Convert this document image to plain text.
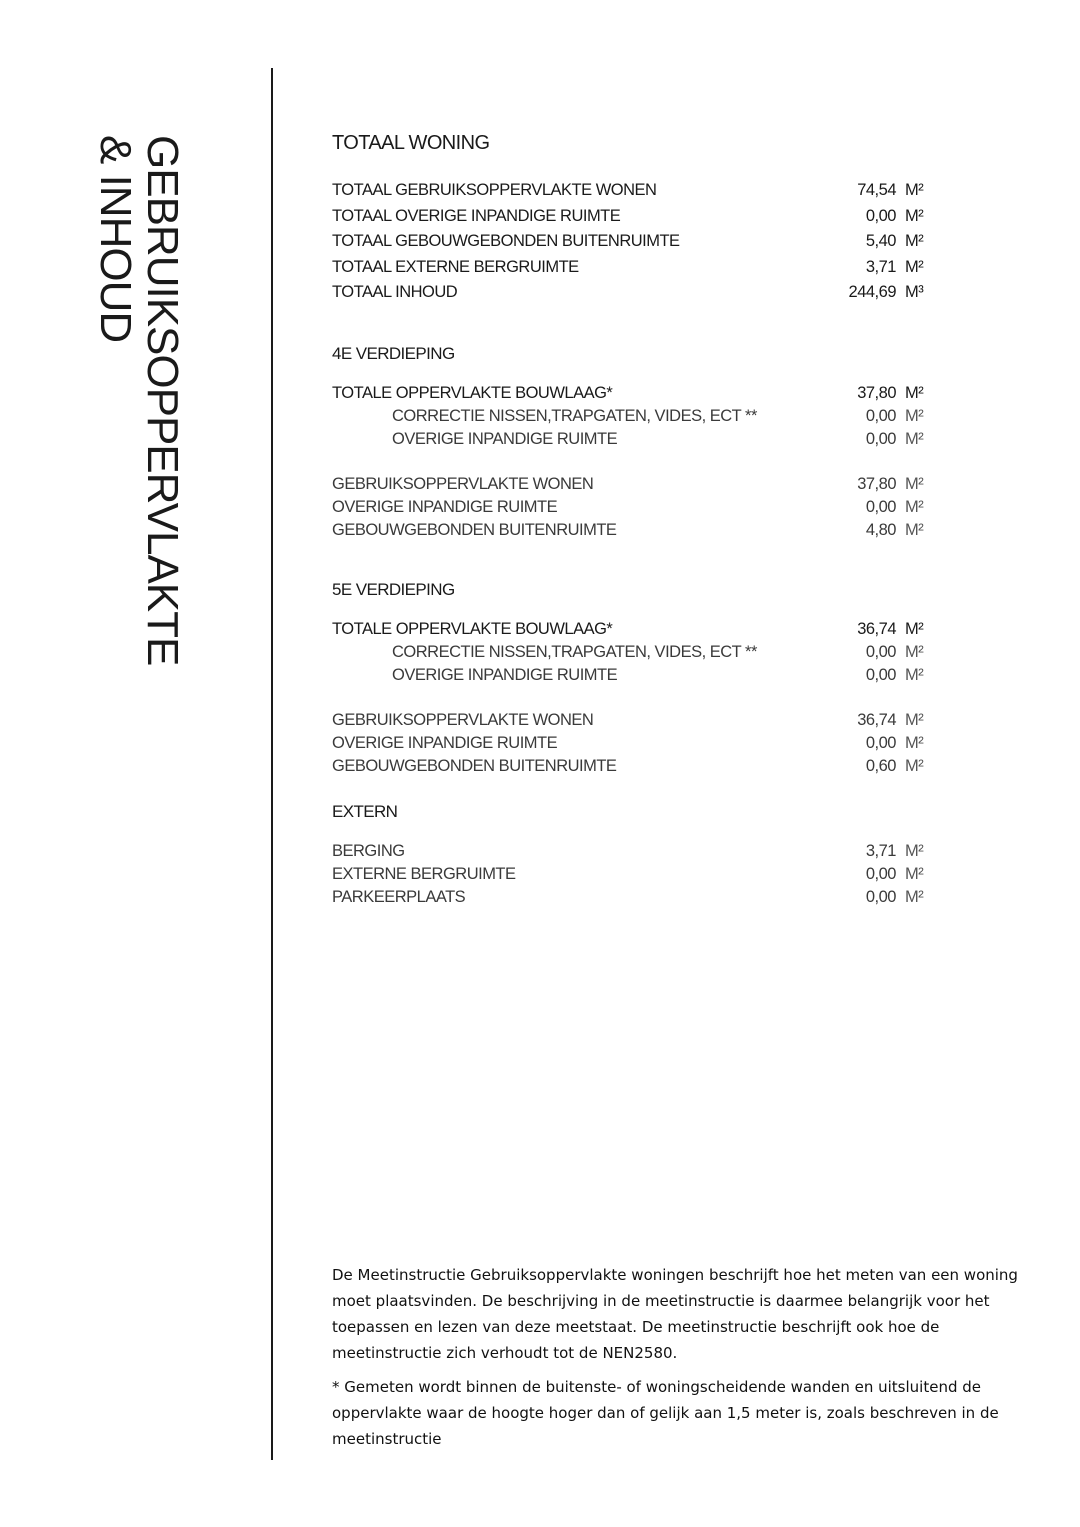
GEBRUIKSOPPERVLAKTE
& INHOUD
TOTAAL WONING
TOTAAL GEBRUIKSOPPERVLAKTE WONEN	74,54 M²
TOTAAL OVERIGE INPANDIGE RUIMTE	0,00 M²
TOTAAL GEBOUWGEBONDEN BUITENRUIMTE	5,40 M²
TOTAAL EXTERNE BERGRUIMTE	3,71 M²
TOTAAL INHOUD	244,69 M³
4E VERDIEPING
TOTALE OPPERVLAKTE BOUWLAAG*	37,80 M²
CORRECTIE NISSEN,TRAPGATEN, VIDES, ECT **	0,00 M²
OVERIGE INPANDIGE RUIMTE	0,00 M²
GEBRUIKSOPPERVLAKTE WONEN	37,80 M²
OVERIGE INPANDIGE RUIMTE	0,00 M²
GEBOUWGEBONDEN BUITENRUIMTE	4,80 M²
5E VERDIEPING
TOTALE OPPERVLAKTE BOUWLAAG*	36,74 M²
CORRECTIE NISSEN,TRAPGATEN, VIDES, ECT **	0,00 M²
OVERIGE INPANDIGE RUIMTE	0,00 M²
GEBRUIKSOPPERVLAKTE WONEN	36,74 M²
OVERIGE INPANDIGE RUIMTE	0,00 M²
GEBOUWGEBONDEN BUITENRUIMTE	0,60 M²
EXTERN
BERGING	3,71 M²
EXTERNE BERGRUIMTE	0,00 M²
PARKEERPLAATS	0,00 M²

De Meetinstructie Gebruiksoppervlakte woningen beschrijft hoe het meten van een woning moet plaatsvinden. De beschrijving in de meetinstructie is daarmee belangrijk voor het toepassen en lezen van deze meetstaat. De meetinstructie beschrijft ook hoe de meetinstructie zich verhoudt tot de NEN2580.

* Gemeten wordt binnen de buitenste- of woningscheidende wanden en uitsluitend de oppervlakte waar de hoogte hoger dan of gelijk aan 1,5 meter is, zoals beschreven in de meetinstructie
